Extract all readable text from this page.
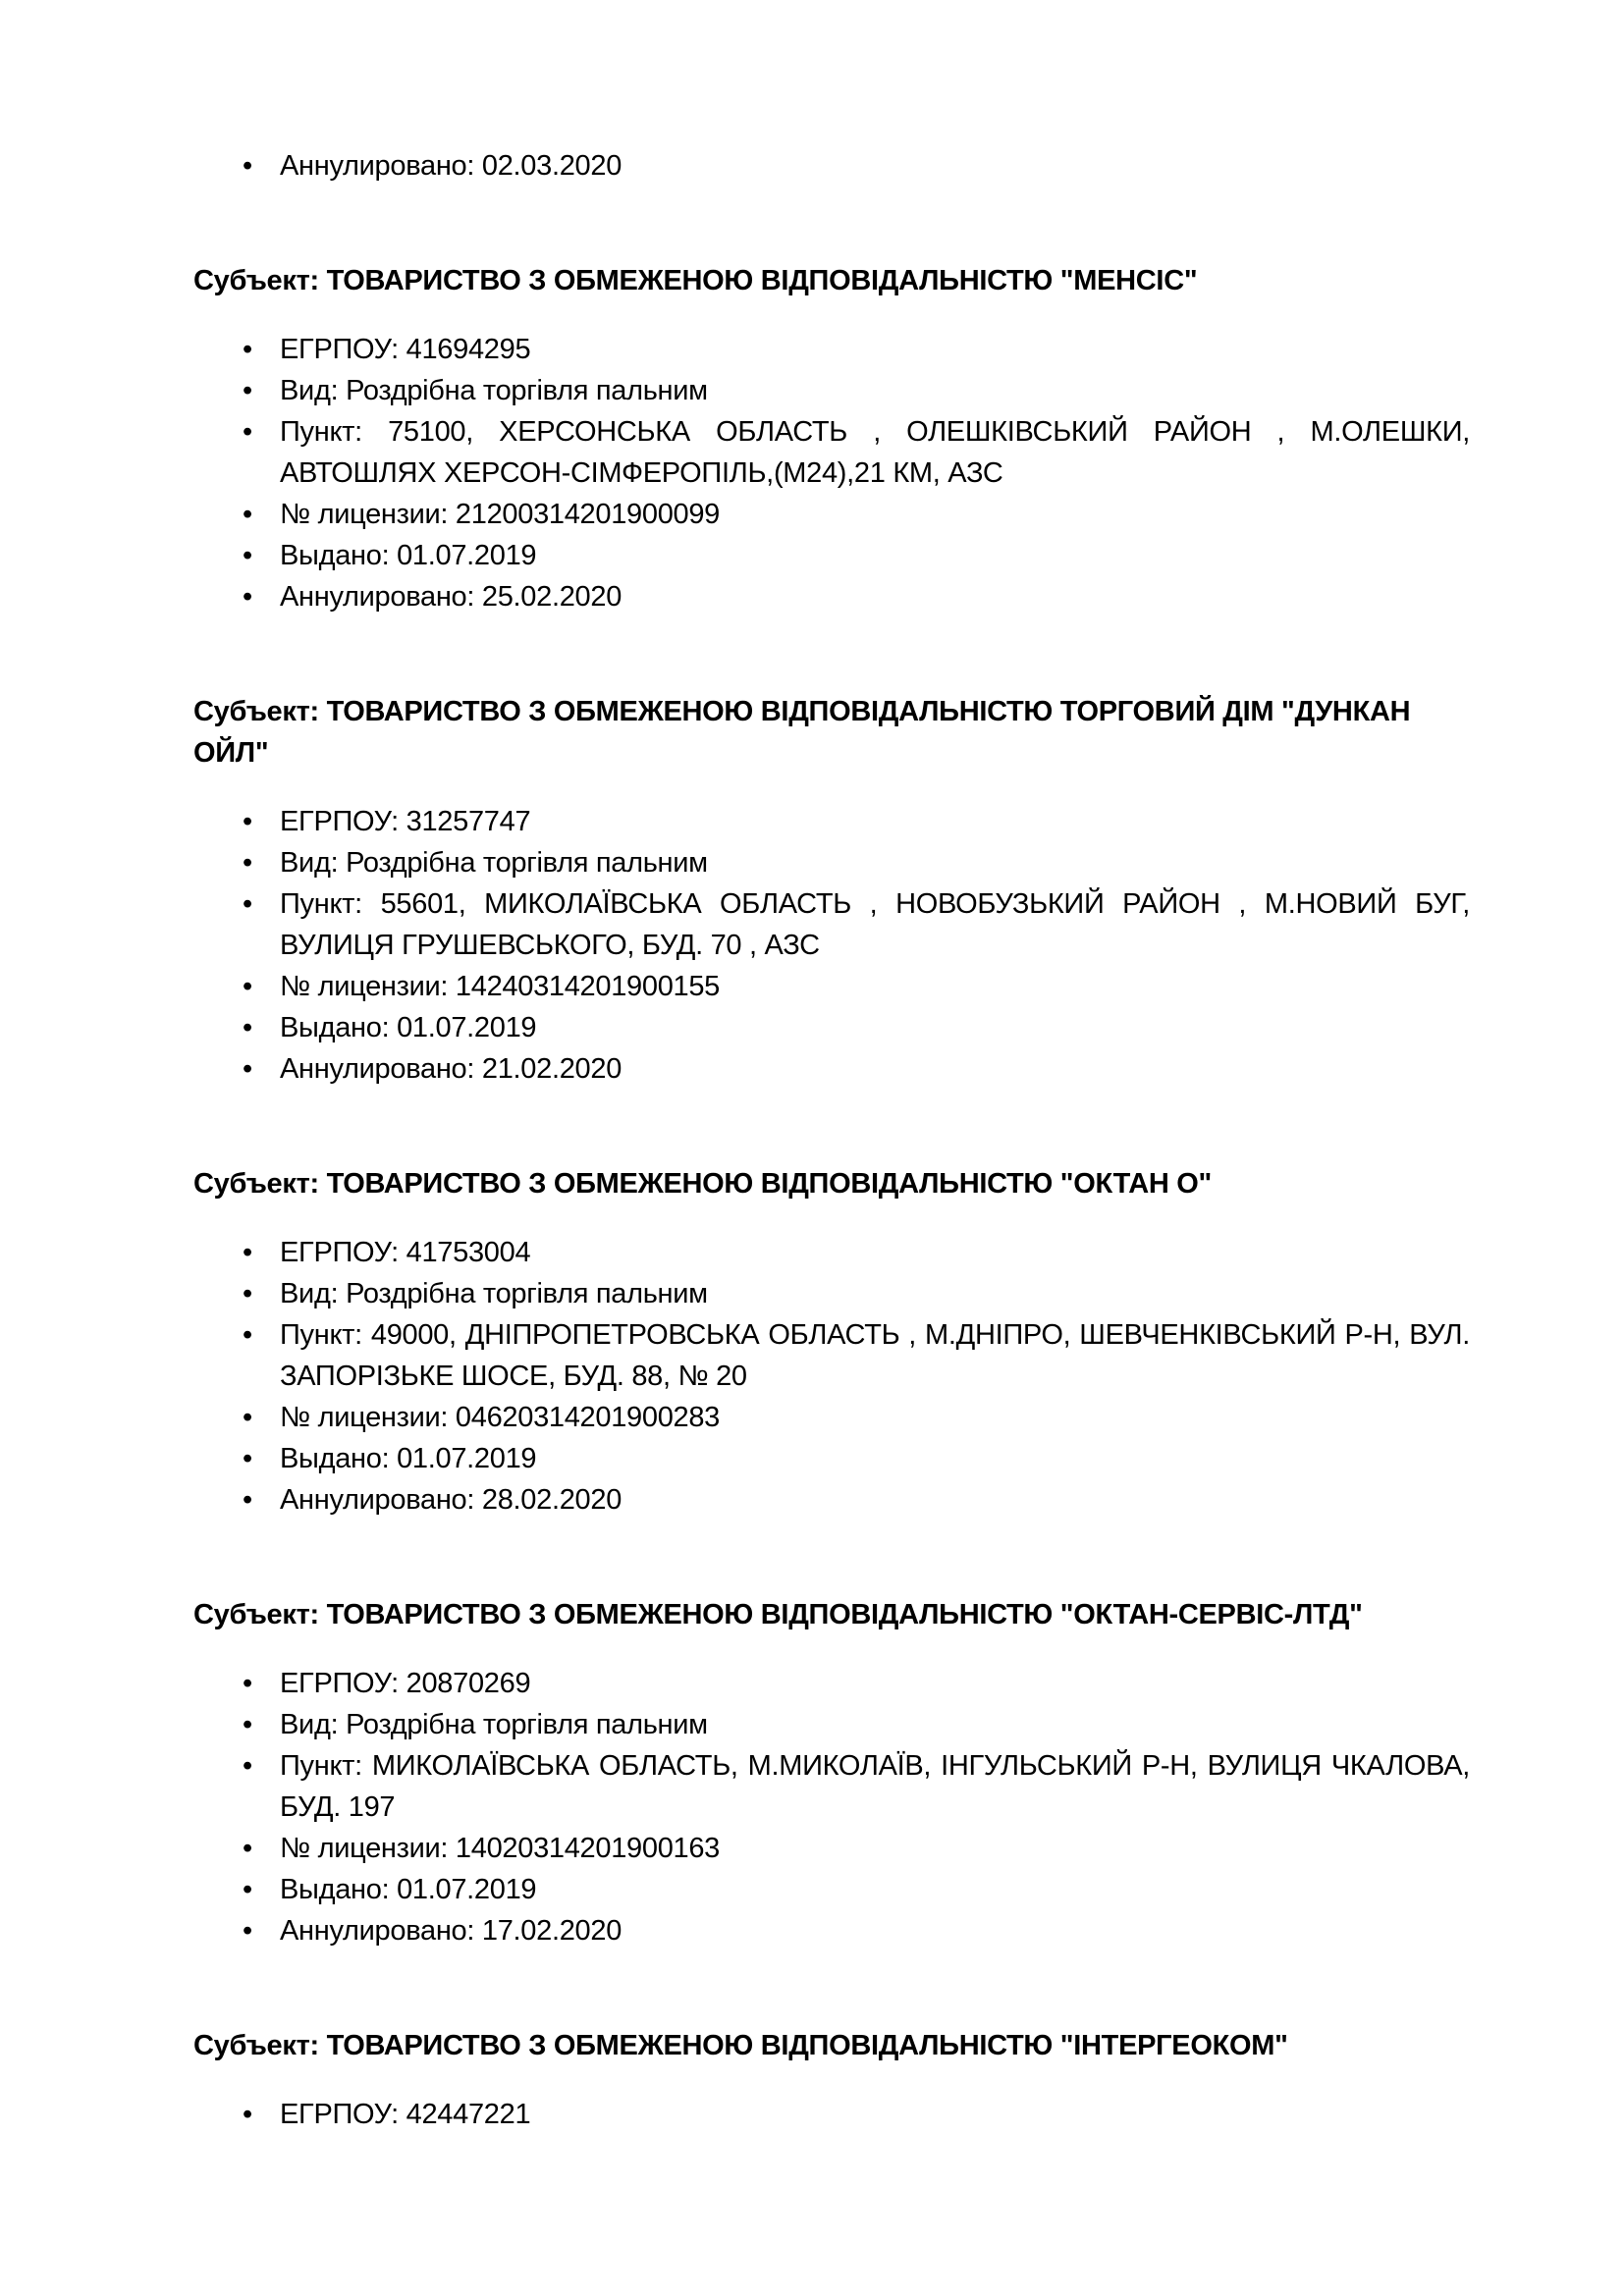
• Аннулировано: 02.03.2020
Субъект: ТОВАРИСТВО З ОБМЕЖЕНОЮ ВІДПОВІДАЛЬНІСТЮ "МЕНСІС"
• ЕГРПОУ: 41694295
• Вид: Роздрібна торгівля пальним
• Пункт: 75100, ХЕРСОНСЬКА ОБЛАСТЬ , ОЛЕШКІВСЬКИЙ РАЙОН , М.ОЛЕШКИ, АВТОШЛЯХ ХЕРСОН-СІМФЕРОПІЛЬ,(М24),21 КМ, АЗС
• № лицензии: 21200314201900099
• Выдано: 01.07.2019
• Аннулировано: 25.02.2020
Субъект: ТОВАРИСТВО З ОБМЕЖЕНОЮ ВІДПОВІДАЛЬНІСТЮ ТОРГОВИЙ ДІМ "ДУНКАН ОЙЛ"
• ЕГРПОУ: 31257747
• Вид: Роздрібна торгівля пальним
• Пункт: 55601, МИКОЛАЇВСЬКА ОБЛАСТЬ , НОВОБУЗЬКИЙ РАЙОН , М.НОВИЙ БУГ, ВУЛИЦЯ ГРУШЕВСЬКОГО, БУД. 70 , АЗС
• № лицензии: 14240314201900155
• Выдано: 01.07.2019
• Аннулировано: 21.02.2020
Субъект: ТОВАРИСТВО З ОБМЕЖЕНОЮ ВІДПОВІДАЛЬНІСТЮ "ОКТАН О"
• ЕГРПОУ: 41753004
• Вид: Роздрібна торгівля пальним
• Пункт: 49000, ДНІПРОПЕТРОВСЬКА ОБЛАСТЬ , М.ДНІПРО, ШЕВЧЕНКІВСЬКИЙ Р-Н, ВУЛ. ЗАПОРІЗЬКЕ ШОСЕ, БУД. 88, № 20
• № лицензии: 04620314201900283
• Выдано: 01.07.2019
• Аннулировано: 28.02.2020
Субъект: ТОВАРИСТВО З ОБМЕЖЕНОЮ ВІДПОВІДАЛЬНІСТЮ "ОКТАН-СЕРВІС-ЛТД"
• ЕГРПОУ: 20870269
• Вид: Роздрібна торгівля пальним
• Пункт: МИКОЛАЇВСЬКА ОБЛАСТЬ, М.МИКОЛАЇВ, ІНГУЛЬСЬКИЙ Р-Н, ВУЛИЦЯ ЧКАЛОВА, БУД. 197
• № лицензии: 14020314201900163
• Выдано: 01.07.2019
• Аннулировано: 17.02.2020
Субъект: ТОВАРИСТВО З ОБМЕЖЕНОЮ ВІДПОВІДАЛЬНІСТЮ "ІНТЕРГЕОКОМ"
• ЕГРПОУ: 42447221
